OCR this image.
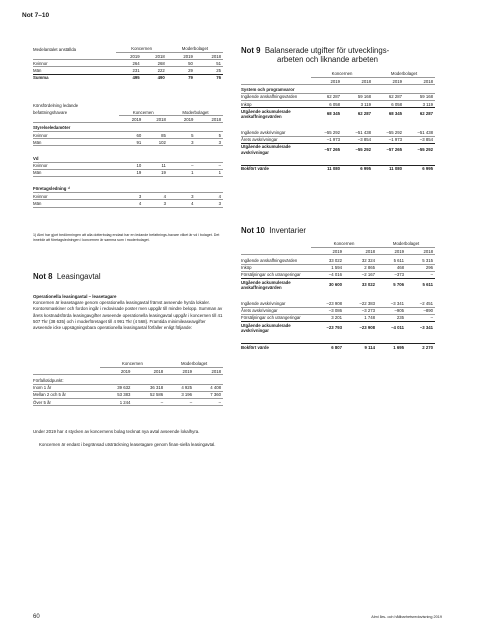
Not 7–10
Medelantalet anställda	Koncernen		Moderbolaget	
	2019	2018	2019	2018
Kvinnor	264	268	50	51
Män	231	222	29	25
Summa	495	490	79	76
Könsfördelning ledande				
befattningshavare	Koncernen		Moderbolaget	
	2019	2018	2019	2018
Styrelseledamöter				
Kvinnor	60	85	5	5
Män	91	102	3	3

Vd				
Kvinnor	10	11	–	–
Män	19	19	1	1

Företagsledning ¹⁾				
Kvinnor	3	4	3	4
Män	4	3	4	3
1) Almi har gjort bedömningen att alla dotterbolag endast har en ledande befattnings-havare vilket är vd i bolaget. Det innebär att företagsledningen i koncernen är samma som i moderbolaget.
Not 8 Leasingavtal
Operationella leasingavtal – leasetagare
Koncernen är leasetagare genom operationella leasingavtal främst avseende hyrda lokaler. Kontorsmaskiner och fordon ingår i redovisade poster men uppgår till mindre belopp. Summan av årets kostnadsförda leasingavgifter avseende operationella leasingavtal uppgår i koncernen till 41 507 Tkr (38 635) och i moderföretaget till 4 991 Tkr (4 568). Framtida minimileaseavgifter avseende icke uppsägningsbara operationella leasingavtal förfaller enligt följande:
	Koncernen		Moderbolaget	
	2019	2018	2019	2018

Förfallotidpunkt:				
Inom 1 år	39 632	36 318	4 925	4 408
Mellan 2 och 5 år	53 383	52 586	3 196	7 360
Över 5 år	1 244	–	–	–
Under 2019 har 4 stycken av koncernens bolag tecknat nya avtal avseende lokalhyra.
Koncernen är endast i begränsad utsträckning leasetagare genom finan-siella leasingavtal.
Not 9 Balanserade utgifter för utvecklings-
arbeten och liknande arbeten
	Koncernen		Moderbolaget	
	2019	2018	2019	2018
System och programvaror				
Ingående anskaffningsvärden	62 287	59 168	62 287	59 168
Inköp	6 058	3 119	6 058	3 119
Utgående ackumulerade anskaffningsvärden	68 345	62 287	68 345	62 287

Ingående avskrivningar	–55 292	–51 438	–55 292	–51 438
Årets avskrivningar	–1 973	–3 854	–1 973	–3 854
Utgående ackumulerade avskrivningar	–57 265	–55 292	–57 265	–55 292

Bokfört värde	11 080	6 995	11 080	6 995
Not 10 Inventarier
	Koncernen		Moderbolaget	
	2019	2018	2019	2018

Ingående anskaffningsvärden	33 022	32 324	5 611	5 315
Inköp	1 594	2 865	468	296
Försäljningar och utrangeringar	–4 016	–2 167	–373	–
Utgående ackumulerade anskaffningsvärden	30 600	33 022	5 706	5 611

Ingående avskrivningar	–23 908	–22 383	–3 341	–2 451
Årets avskrivningar	–3 086	–3 273	–905	–890
Försäljningar och utrangeringar	3 201	1 748	235	–
Utgående ackumulerade avskrivningar	–23 793	–23 908	–4 011	–3 341

Bokfört värde	6 807	9 114	1 695	2 270
60	Almi års- och hållbarhetsredovisning 2019
